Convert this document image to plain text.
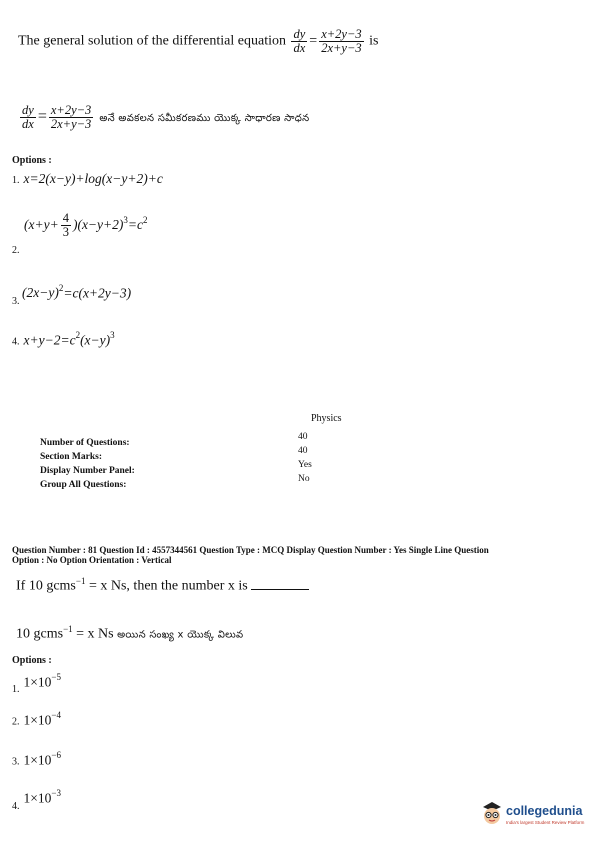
The general solution of the differential equation $\frac{dy}{dx} = \frac{x+2y-3}{2x+y-3}$ is
$\frac{dy}{dx} = \frac{x+2y-3}{2x+y-3}$ అనే అవకలన సమీకరణము యొక్క సాధారణ సాధన
Options :
1. x=2(x−y)+log(x−y+2)+c
$(x+y+ \frac{4}{3} )(x-y+2)^3=c^2$
2.
$(2x-y)^2=c(x+2y-3)$
3.
4. $x+y-2=c^2(x-y)^3$
Physics
Number of Questions:
40
Section Marks:
40
Display Number Panel:
Yes
Group All Questions:
No
Question Number : 81 Question Id : 4557344561 Question Type : MCQ Display Question Number : Yes Single Line Question
Option : No Option Orientation : Vertical
If 10 gcms$^{-1}$ = x Ns, then the number x is
10 gcms$^{-1}$ = x Ns అయిన సంఖ్య x యొక్క విలువ
Options :
$_{1.}$ $1\times 10^{-5}$
2. $1\times 10^{-4}$
3. $1\times 10^{-6}$
$_{4.}$ $1\times 10^{-3}$
collegedunia
India's largest Student Review Platform
